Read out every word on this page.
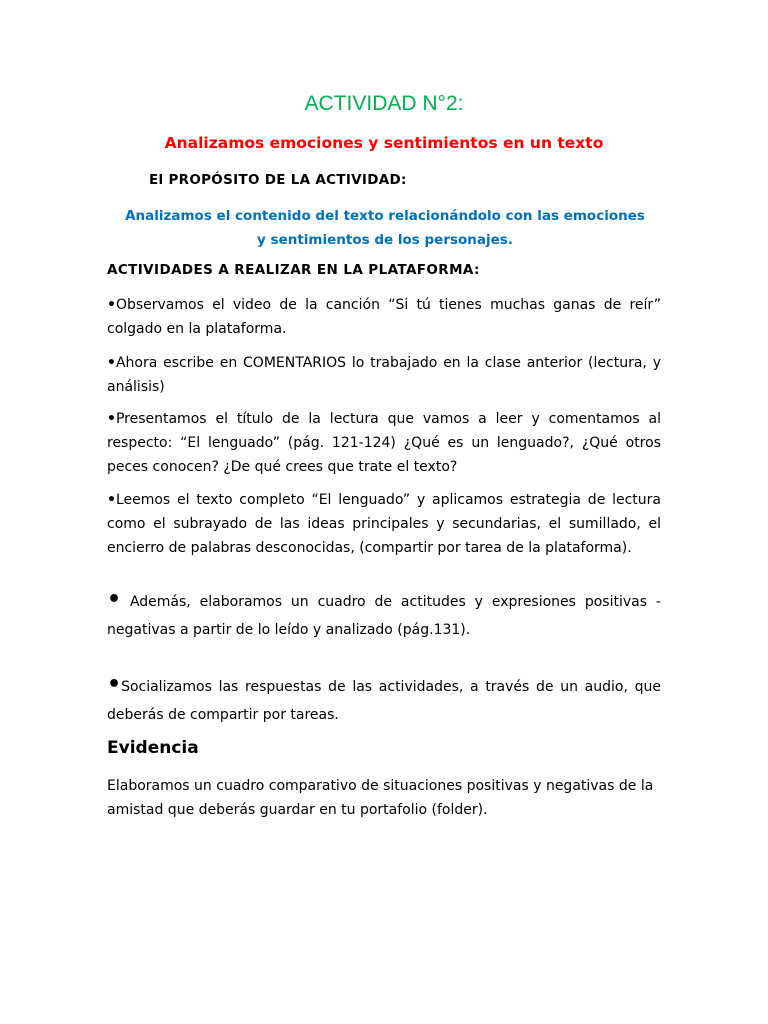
ACTIVIDAD N°2:
Analizamos emociones y sentimientos en un texto

El PROPÓSITO DE LA ACTIVIDAD:

Analizamos el contenido del texto relacionándolo con las emociones y sentimientos de los personajes.

ACTIVIDADES A REALIZAR EN LA PLATAFORMA:

•Observamos el video de la canción “Si tú tienes muchas ganas de reír” colgado en la plataforma.

•Ahora escribe en COMENTARIOS lo trabajado en la clase anterior (lectura, y análisis)

•Presentamos el título de la lectura que vamos a leer y comentamos al respecto: “El lenguado” (pág. 121-124) ¿Qué es un lenguado?, ¿Qué otros peces conocen? ¿De qué crees que trate el texto?

•Leemos el texto completo “El lenguado” y aplicamos estrategia de lectura como el subrayado de las ideas principales y secundarias, el sumillado, el encierro de palabras desconocidas, (compartir por tarea de la plataforma).

• Además, elaboramos un cuadro de actitudes y expresiones positivas - negativas a partir de lo leído y analizado (pág.131).

•Socializamos las respuestas de las actividades, a través de un audio, que deberás de compartir por tareas.

Evidencia

Elaboramos un cuadro comparativo de situaciones positivas y negativas de la amistad que deberás guardar en tu portafolio (folder).
